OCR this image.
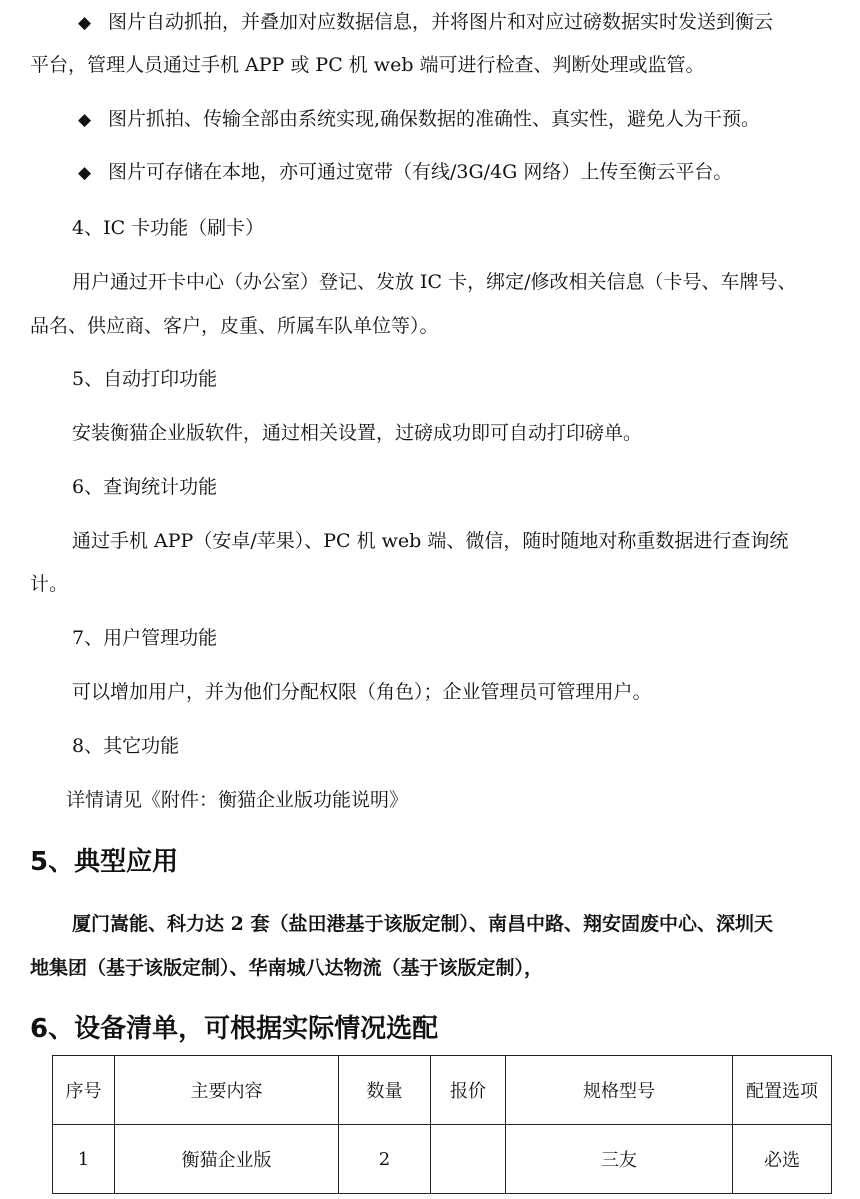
◆ 图片自动抓拍，并叠加对应数据信息，并将图片和对应过磅数据实时发送到衡云
平台，管理人员通过手机 APP 或 PC 机 web 端可进行检查、判断处理或监管。
◆ 图片抓拍、传输全部由系统实现,确保数据的准确性、真实性，避免人为干预。
◆ 图片可存储在本地，亦可通过宽带（有线/3G/4G 网络）上传至衡云平台。
4、IC 卡功能（刷卡）
用户通过开卡中心（办公室）登记、发放 IC 卡，绑定/修改相关信息（卡号、车牌号、
品名、供应商、客户，皮重、所属车队单位等）。
5、自动打印功能
安装衡猫企业版软件，通过相关设置，过磅成功即可自动打印磅单。
6、查询统计功能
通过手机 APP（安卓/苹果）、PC 机 web 端、微信，随时随地对称重数据进行查询统
计。
7、用户管理功能
可以增加用户，并为他们分配权限（角色）；企业管理员可管理用户。
8、其它功能
详情请见《附件：衡猫企业版功能说明》
5、典型应用
厦门嵩能、科力达 2 套（盐田港基于该版定制）、南昌中路、翔安固废中心、深圳天
地集团（基于该版定制）、华南城八达物流（基于该版定制），
6、设备清单，可根据实际情况选配
序号	主要内容	数量	报价	规格型号	配置选项
1	衡猫企业版	2		三友	必选
